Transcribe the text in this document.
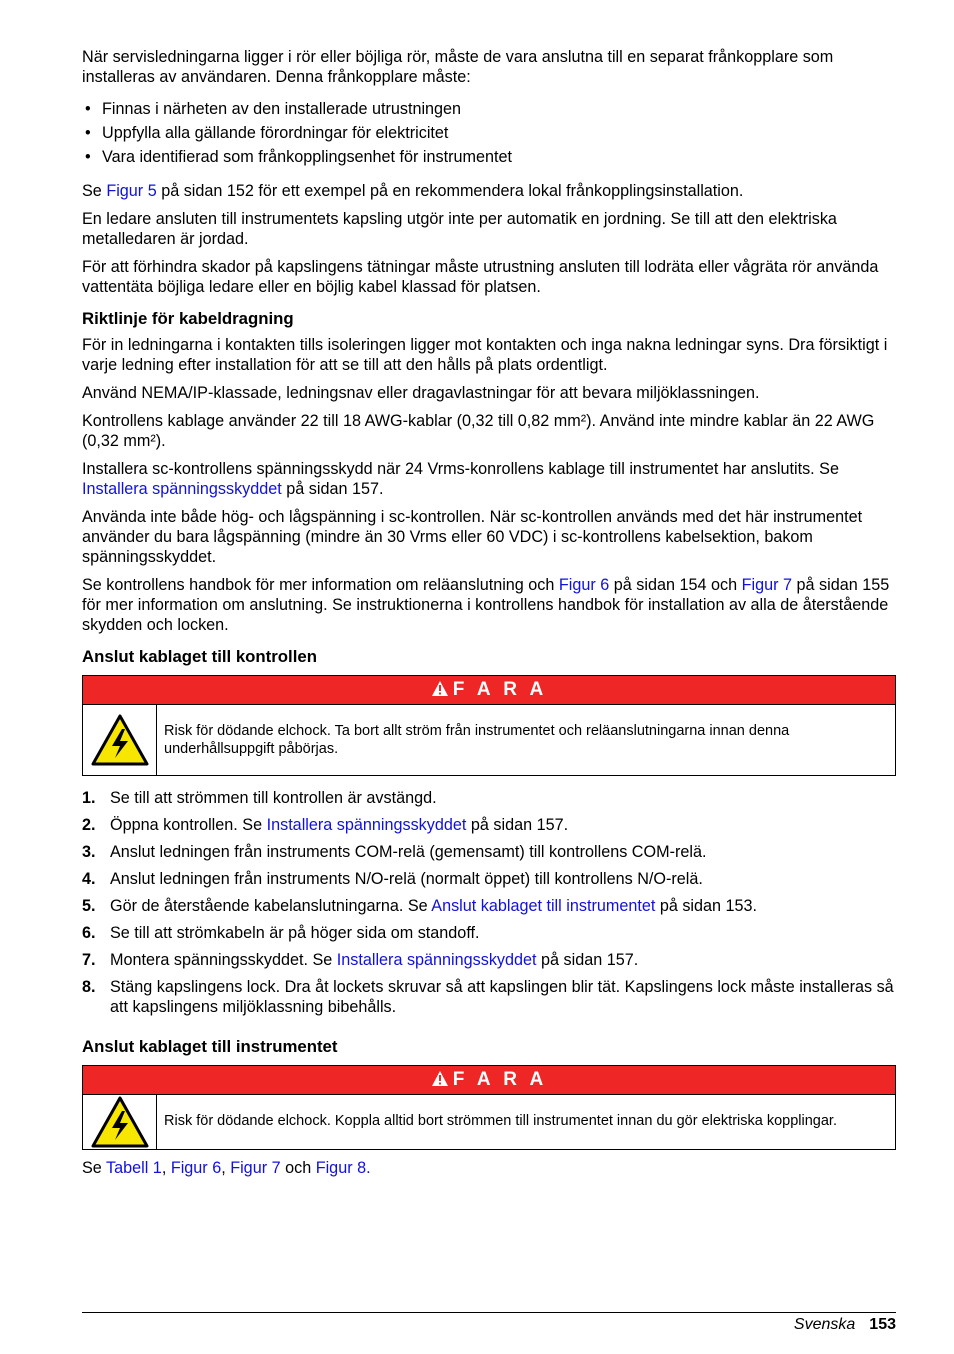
När servisledningarna ligger i rör eller böjliga rör, måste de vara anslutna till en separat frånkopplare som installeras av användaren. Denna frånkopplare måste:

• Finnas i närheten av den installerade utrustningen
• Uppfylla alla gällande förordningar för elektricitet
• Vara identifierad som frånkopplingsenhet för instrumentet

Se Figur 5 på sidan 152 för ett exempel på en rekommendera lokal frånkopplingsinstallation.

En ledare ansluten till instrumentets kapsling utgör inte per automatik en jordning. Se till att den elektriska metalledaren är jordad.

För att förhindra skador på kapslingens tätningar måste utrustning ansluten till lodräta eller vågräta rör använda vattentäta böjliga ledare eller en böjlig kabel klassad för platsen.

Riktlinje för kabeldragning

För in ledningarna i kontakten tills isoleringen ligger mot kontakten och inga nakna ledningar syns. Dra försiktigt i varje ledning efter installation för att se till att den hålls på plats ordentligt.

Använd NEMA/IP-klassade, ledningsnav eller dragavlastningar för att bevara miljöklassningen.

Kontrollens kablage använder 22 till 18 AWG-kablar (0,32 till 0,82 mm²). Använd inte mindre kablar än 22 AWG (0,32 mm²).

Installera sc-kontrollens spänningsskydd när 24 Vrms-konrollens kablage till instrumentet har anslutits. Se Installera spänningsskyddet på sidan 157.

Använda inte både hög- och lågspänning i sc-kontrollen. När sc-kontrollen används med det här instrumentet använder du bara lågspänning (mindre än 30 Vrms eller 60 VDC) i sc-kontrollens kabelsektion, bakom spänningsskyddet.

Se kontrollens handbok för mer information om reläanslutning och Figur 6 på sidan 154 och Figur 7 på sidan 155 för mer information om anslutning. Se instruktionerna i kontrollens handbok för installation av alla de återstående skydden och locken.

Anslut kablaget till kontrollen
F A R A
Risk för dödande elchock. Ta bort allt ström från instrumentet och reläanslutningarna innan denna underhållsuppgift påbörjas.
1. Se till att strömmen till kontrollen är avstängd.
2. Öppna kontrollen. Se Installera spänningsskyddet på sidan 157.
3. Anslut ledningen från instruments COM-relä (gemensamt) till kontrollens COM-relä.
4. Anslut ledningen från instruments N/O-relä (normalt öppet) till kontrollens N/O-relä.
5. Gör de återstående kabelanslutningarna. Se Anslut kablaget till instrumentet på sidan 153.
6. Se till att strömkabeln är på höger sida om standoff.
7. Montera spänningsskyddet. Se Installera spänningsskyddet på sidan 157.
8. Stäng kapslingens lock. Dra åt lockets skruvar så att kapslingen blir tät. Kapslingens lock måste installeras så att kapslingens miljöklassning bibehålls.
Anslut kablaget till instrumentet
F A R A
Risk för dödande elchock. Koppla alltid bort strömmen till instrumentet innan du gör elektriska kopplingar.

Se Tabell 1, Figur 6, Figur 7 och Figur 8.

Svenska 153
